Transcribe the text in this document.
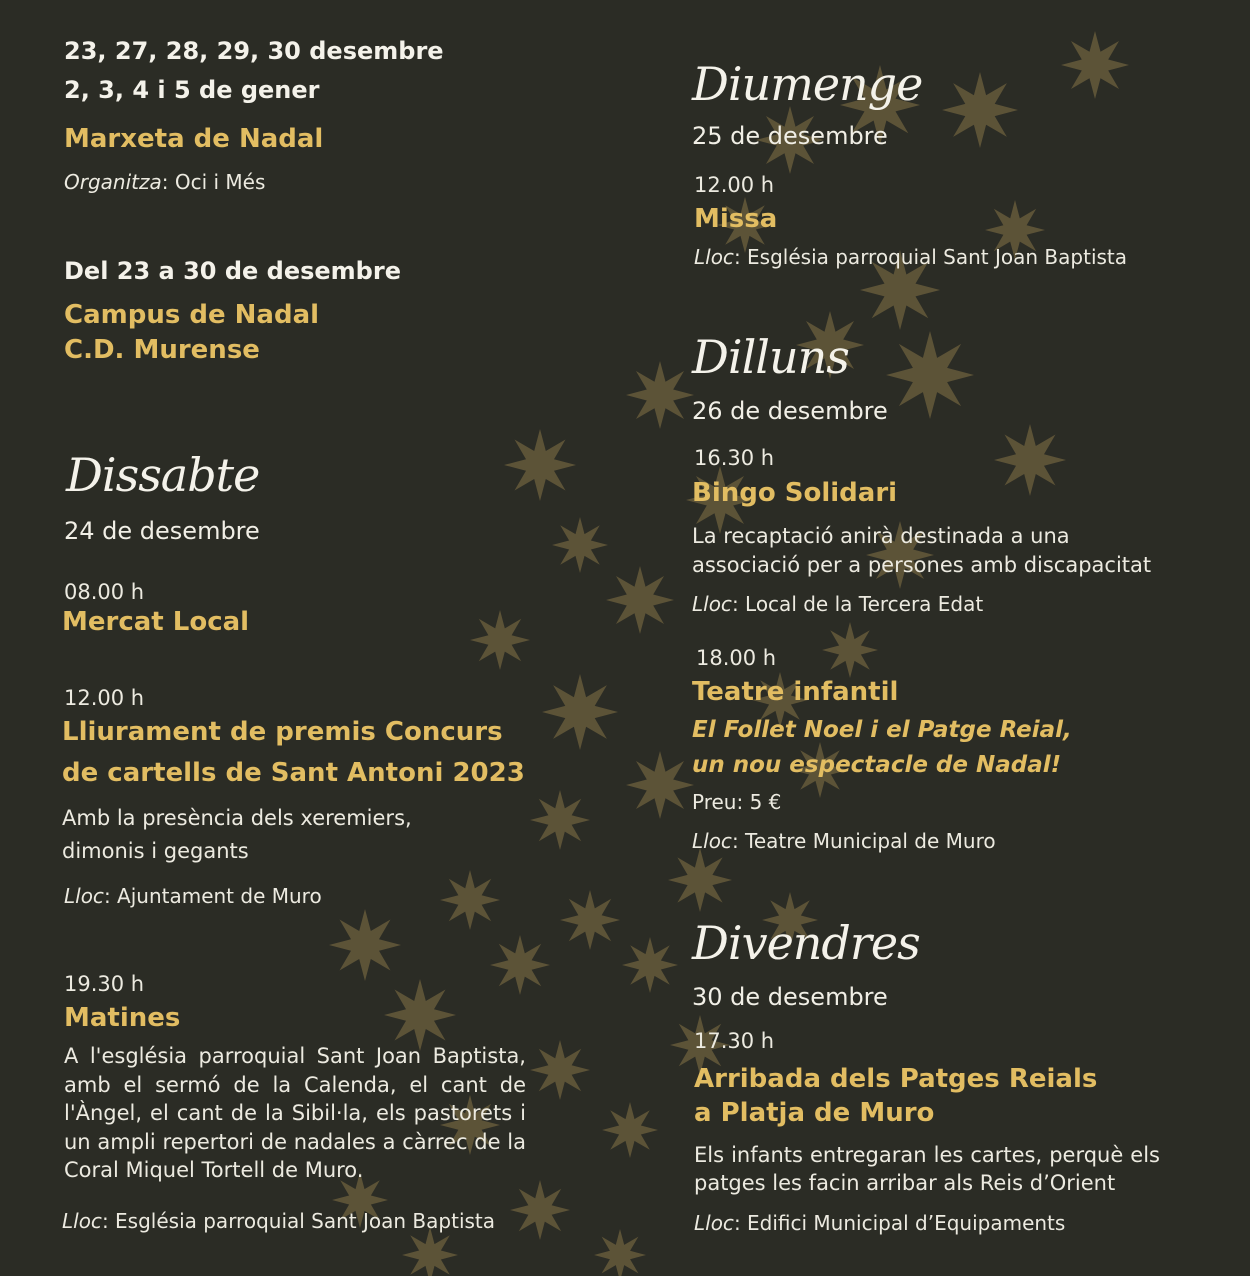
23, 27, 28, 29, 30 desembre
2, 3, 4 i 5 de gener
Marxeta de Nadal
Organitza: Oci i Més
Del 23 a 30 de desembre
Campus de Nadal
C.D. Murense
Dissabte
24 de desembre
08.00 h
Mercat Local
12.00 h
Lliurament de premis Concurs
de cartells de Sant Antoni 2023
Amb la presència dels xeremiers,
dimonis i gegants
Lloc: Ajuntament de Muro
19.30 h
Matines
A l'església parroquial Sant Joan Baptista, amb el sermó de la Calenda, el cant de l'Àngel, el cant de la Sibil·la, els pastorets i un ampli repertori de nadales a càrrec de la Coral Miquel Tortell de Muro.
Lloc: Església parroquial Sant Joan Baptista
Diumenge
25 de desembre
12.00 h
Missa
Lloc: Església parroquial Sant Joan Baptista
Dilluns
26 de desembre
16.30 h
Bingo Solidari
La recaptació anirà destinada a una
associació per a persones amb discapacitat
Lloc: Local de la Tercera Edat
18.00 h
Teatre infantil
El Follet Noel i el Patge Reial,
un nou espectacle de Nadal!
Preu: 5 €
Lloc: Teatre Municipal de Muro
Divendres
30 de desembre
17.30 h
Arribada dels Patges Reials
a Platja de Muro
Els infants entregaran les cartes, perquè els patges les facin arribar als Reis d’Orient
Lloc: Edifici Municipal d’Equipaments
